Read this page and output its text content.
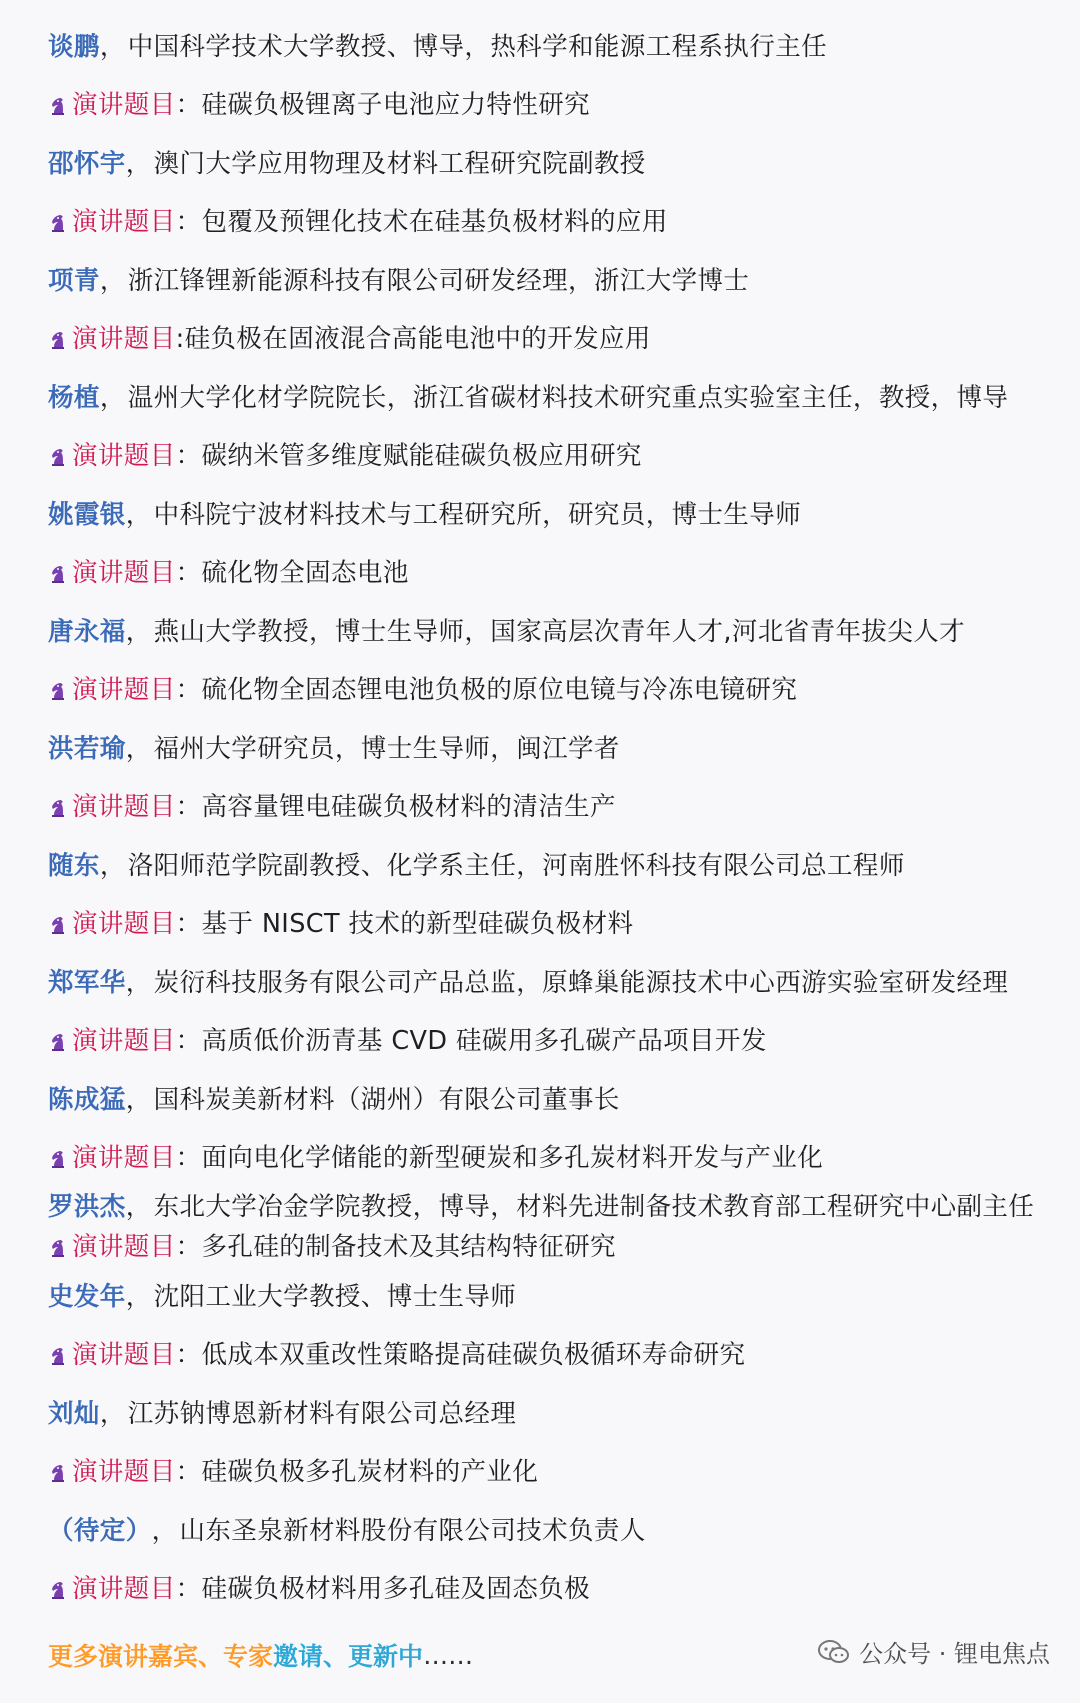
谈鹏 ， 中国科学技术大学教授、博导，热科学和能源工程系执行主任
演讲题目 ： 硅碳负极锂离子电池应力特性研究
邵怀宇 ， 澳门大学应用物理及材料工程研究院副教授
演讲题目 ： 包覆及预锂化技术在硅基负极材料的应用
项青 ， 浙江锋锂新能源科技有限公司研发经理，浙江大学博士
演讲题目 : 硅负极在固液混合高能电池中的开发应用
杨植 ， 温州大学化材学院院长，浙江省碳材料技术研究重点实验室主任，教授，博导
演讲题目 ： 碳纳米管多维度赋能硅碳负极应用研究
姚霞银 ， 中科院宁波材料技术与工程研究所，研究员，博士生导师
演讲题目 ： 硫化物全固态电池
唐永福 ， 燕山大学教授，博士生导师，国家高层次青年人才,河北省青年拔尖人才
演讲题目 ： 硫化物全固态锂电池负极的原位电镜与冷冻电镜研究
洪若瑜 ， 福州大学研究员，博士生导师，闽江学者
演讲题目 ： 高容量锂电硅碳负极材料的清洁生产
随东 ， 洛阳师范学院副教授、化学系主任，河南胜怀科技有限公司总工程师
演讲题目 ： 基于 NISCT 技术的新型硅碳负极材料
郑军华 ， 炭衍科技服务有限公司产品总监，原蜂巢能源技术中心西游实验室研发经理
演讲题目 ： 高质低价沥青基 CVD 硅碳用多孔碳产品项目开发
陈成猛 ， 国科炭美新材料（湖州）有限公司董事长
演讲题目 ： 面向电化学储能的新型硬炭和多孔炭材料开发与产业化
罗洪杰 ， 东北大学冶金学院教授，博导，材料先进制备技术教育部工程研究中心副主任
演讲题目 ： 多孔硅的制备技术及其结构特征研究
史发年 ， 沈阳工业大学教授、博士生导师
演讲题目 ： 低成本双重改性策略提高硅碳负极循环寿命研究
刘灿 ， 江苏钠博恩新材料有限公司总经理
演讲题目 ： 硅碳负极多孔炭材料的产业化
（待定） ， 山东圣泉新材料股份有限公司技术负责人
演讲题目 ： 硅碳负极材料用多孔硅及固态负极
更多演讲嘉宾、 专家 邀请、 更新中 ……	公众号 · 锂电焦点
